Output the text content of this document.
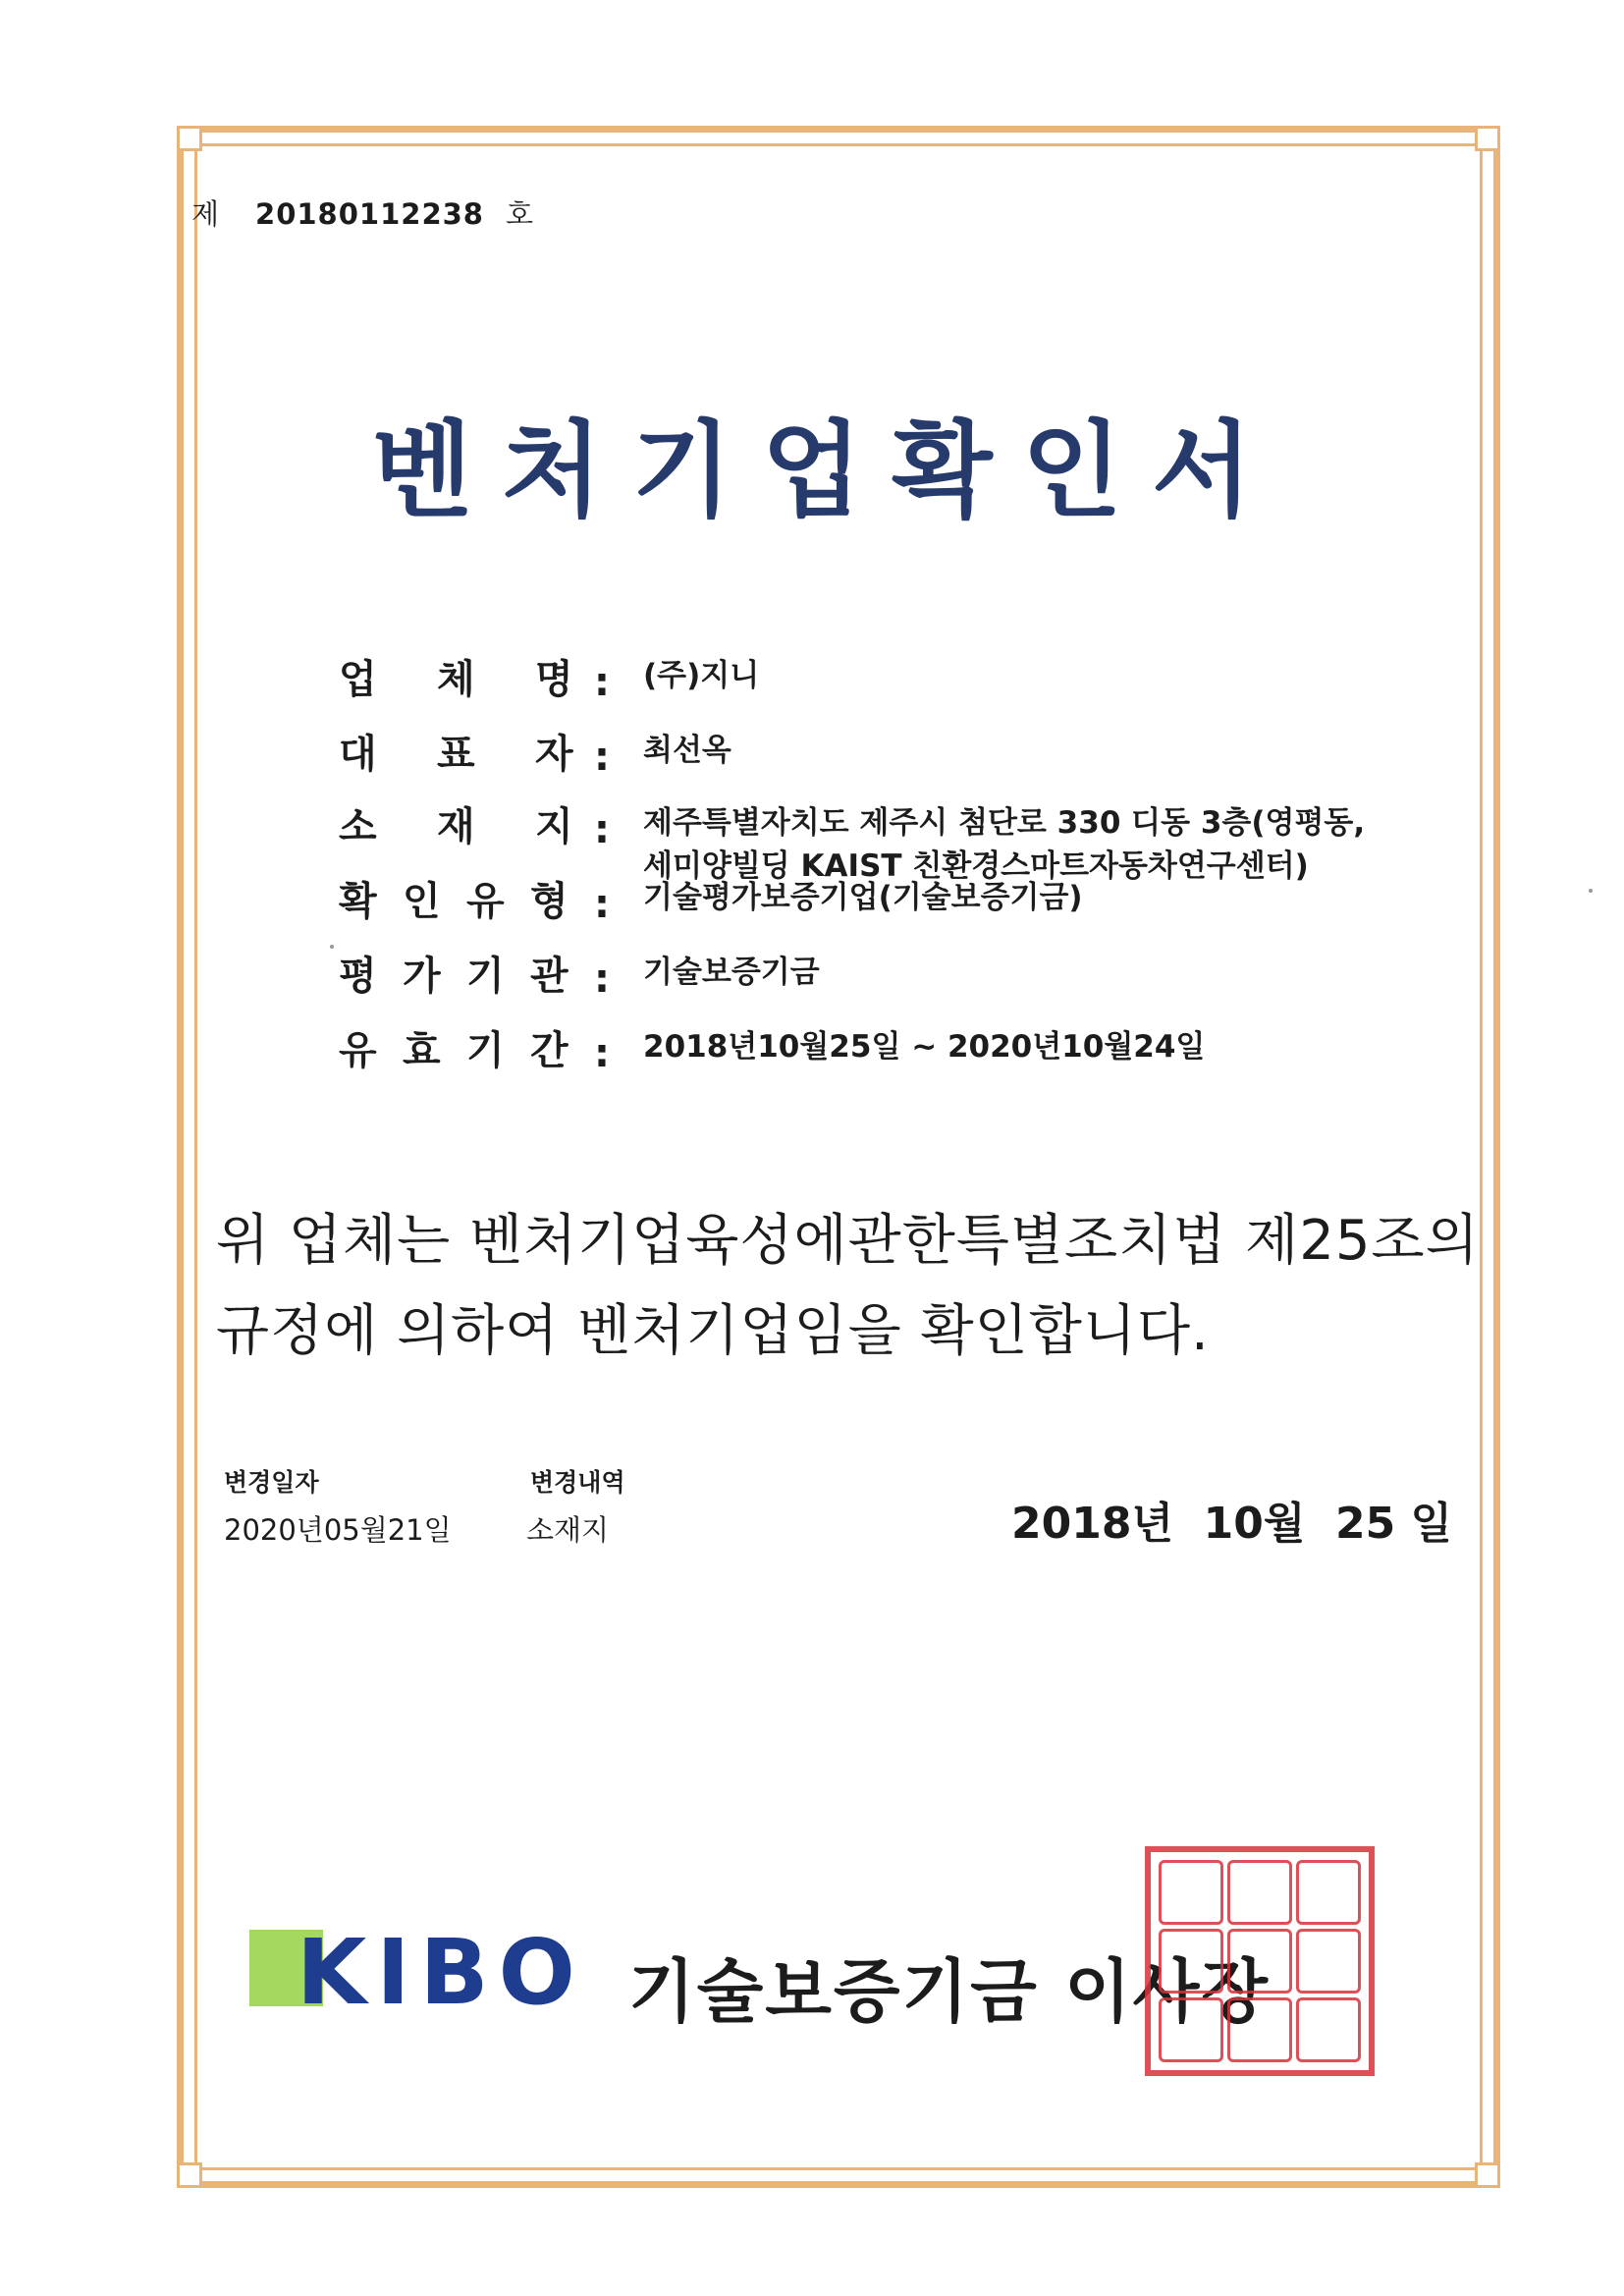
제 20180112238 호
벤처기업확인서
업 체 명 : (주)지니
대 표 자 : 최선옥
소 재 지 : 제주특별자치도 제주시 첨단로 330 디동 3층(영평동,
세미양빌딩 KAIST 친환경스마트자동차연구센터)
확 인 유 형 : 기술평가보증기업(기술보증기금)
평 가 기 관 : 기술보증기금
유 효 기 간 : 2018년10월25일 ~ 2020년10월24일
위 업체는 벤처기업육성에관한특별조치법 제25조의
규정에 의하여 벤처기업임을 확인합니다.
변경일자	변경내역
2020년05월21일	소재지	2018년  10월  25 일
KIBO 기술보증기금 이사장
